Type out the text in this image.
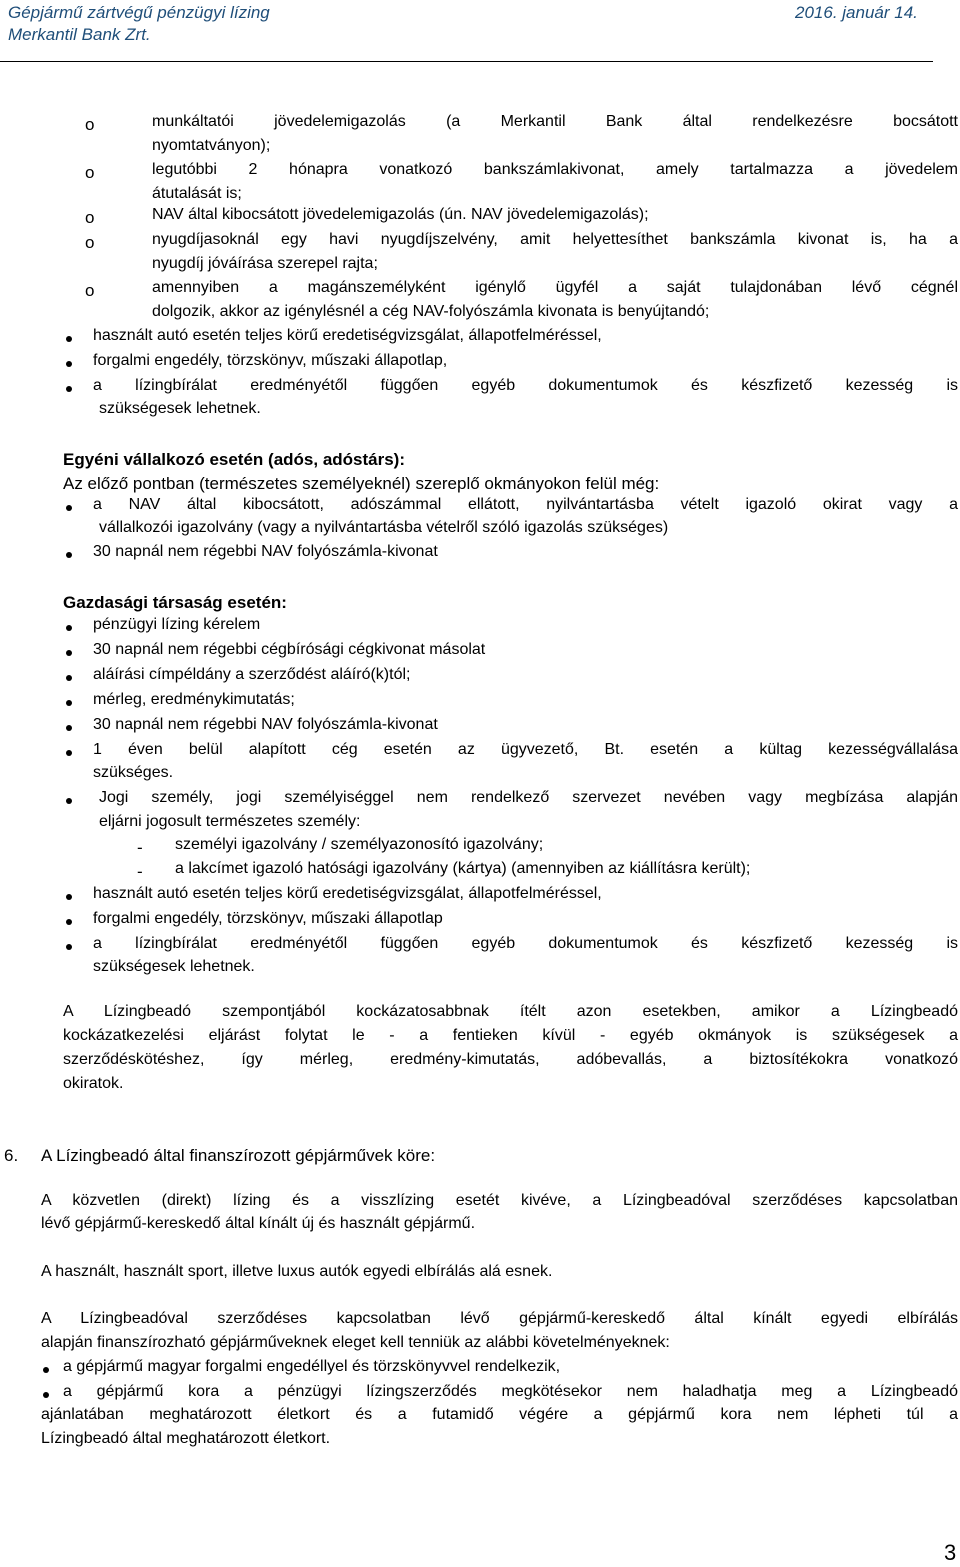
Gépjármű zártvégű pénzügyi lízing
Merkantil Bank Zrt.
2016. január 14.
o	munkáltatói jövedelemigazolás (a Merkantil Bank által rendelkezésre bocsátott
nyomtatványon);
o	legutóbbi 2 hónapra vonatkozó bankszámlakivonat, amely tartalmazza a jövedelem
átutalását is;
o	NAV által kibocsátott jövedelemigazolás (ún. NAV jövedelemigazolás);
o	nyugdíjasoknál egy havi nyugdíjszelvény, amit helyettesíthet bankszámla kivonat is, ha a
nyugdíj jóváírása szerepel rajta;
o	amennyiben a magánszemélyként igénylő ügyfél a saját tulajdonában lévő cégnél
dolgozik, akkor az igénylésnél a cég NAV-folyószámla kivonata is benyújtandó;
használt autó esetén teljes körű eredetiségvizsgálat, állapotfelméréssel,
forgalmi engedély, törzskönyv, műszaki állapotlap,
a lízingbírálat eredményétől függően egyéb dokumentumok és készfizető kezesség is
szükségesek lehetnek.
Egyéni vállalkozó esetén (adós, adóstárs):
Az előző pontban (természetes személyeknél) szereplő okmányokon felül még:
a NAV által kibocsátott, adószámmal ellátott, nyilvántartásba vételt igazoló okirat vagy a
vállalkozói igazolvány (vagy a nyilvántartásba vételről szóló igazolás szükséges)
30 napnál nem régebbi NAV folyószámla-kivonat
Gazdasági társaság esetén:
pénzügyi lízing kérelem
30 napnál nem régebbi cégbírósági cégkivonat másolat
aláírási címpéldány a szerződést aláíró(k)tól;
mérleg, eredménykimutatás;
30 napnál nem régebbi NAV folyószámla-kivonat
1 éven belül alapított cég esetén az ügyvezető, Bt. esetén a kültag kezességvállalása
szükséges.
Jogi személy, jogi személyiséggel nem rendelkező szervezet nevében vagy megbízása alapján
eljárni jogosult természetes személy:
- személyi igazolvány / személyazonosító igazolvány;
- a lakcímet igazoló hatósági igazolvány (kártya) (amennyiben az kiállításra került);
használt autó esetén teljes körű eredetiségvizsgálat, állapotfelméréssel,
forgalmi engedély, törzskönyv, műszaki állapotlap
a lízingbírálat eredményétől függően egyéb dokumentumok és készfizető kezesség is
szükségesek lehetnek.
A Lízingbeadó szempontjából kockázatosabbnak ítélt azon esetekben, amikor a Lízingbeadó
kockázatkezelési eljárást folytat le - a fentieken kívül - egyéb okmányok is szükségesek a
szerződéskötéshez, így mérleg, eredmény-kimutatás, adóbevallás, a biztosítékokra vonatkozó
okiratok.
6. A Lízingbeadó által finanszírozott gépjárművek köre:
A közvetlen (direkt) lízing és a visszlízing esetét kivéve, a Lízingbeadóval szerződéses kapcsolatban
lévő gépjármű-kereskedő által kínált új és használt gépjármű.
A használt, használt sport, illetve luxus autók egyedi elbírálás alá esnek.
A Lízingbeadóval szerződéses kapcsolatban lévő gépjármű-kereskedő által kínált egyedi elbírálás
alapján finanszírozható gépjárműveknek eleget kell tenniük az alábbi követelményeknek:
a gépjármű magyar forgalmi engedéllyel és törzskönyvvel rendelkezik,
a gépjármű kora a pénzügyi lízingszerződés megkötésekor nem haladhatja meg a Lízingbeadó
ajánlatában meghatározott életkort és a futamidő végére a gépjármű kora nem lépheti túl a
Lízingbeadó által meghatározott életkort.
3
